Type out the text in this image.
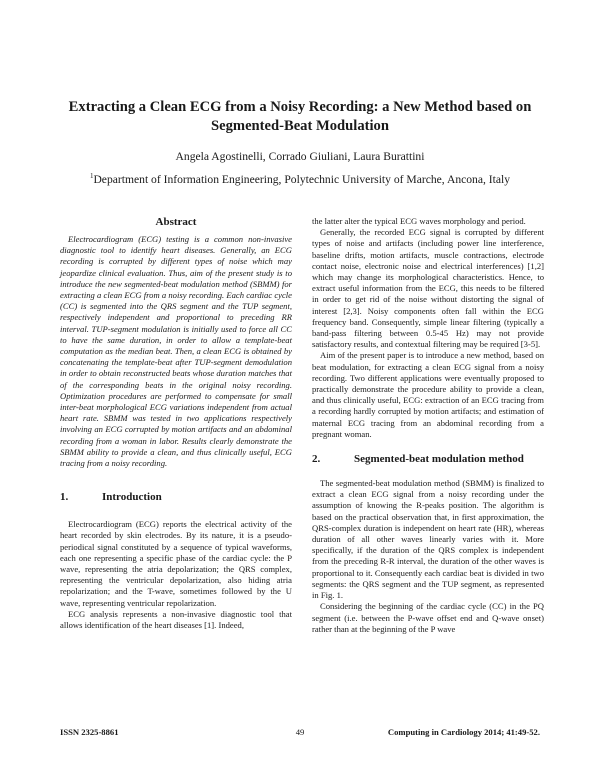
Extracting a Clean ECG from a Noisy Recording: a New Method based on
Segmented-Beat Modulation
Angela Agostinelli, Corrado Giuliani, Laura Burattini
$^1$Department of Information Engineering, Polytechnic University of Marche, Ancona, Italy
Abstract

Electrocardiogram (ECG) testing is a common non-invasive diagnostic tool to identify heart diseases. Generally, an ECG recording is corrupted by different types of noise which may jeopardize clinical evaluation. Thus, aim of the present study is to introduce the new segmented-beat modulation method (SBMM) for extracting a clean ECG from a noisy recording. Each cardiac cycle (CC) is segmented into the QRS segment and the TUP segment, respectively independent and proportional to preceding RR interval. TUP-segment modulation is initially used to force all CC to have the same duration, in order to allow a template-beat computation as the median beat. Then, a clean ECG is obtained by concatenating the template-beat after TUP-segment demodulation in order to obtain reconstructed beats whose duration matches that of the corresponding beats in the original noisy recording. Optimization procedures are performed to compensate for small inter-beat morphological ECG variations independent from actual heart rate. SBMM was tested in two applications respectively involving an ECG corrupted by motion artifacts and an abdominal recording from a woman in labor. Results clearly demonstrate the SBMM ability to provide a clean, and thus clinically useful, ECG tracing from a noisy recording.

1.	Introduction

Electrocardiogram (ECG) reports the electrical activity of the heart recorded by skin electrodes. By its nature, it is a pseudo-periodical signal constituted by a sequence of typical waveforms, each one representing a specific phase of the cardiac cycle: the P wave, representing the atria depolarization; the QRS complex, representing the ventricular depolarization, also hiding atria repolarization; and the T-wave, sometimes followed by the U wave, representing ventricular repolarization.

ECG analysis represents a non-invasive diagnostic tool that allows identification of the heart diseases [1]. Indeed,

the latter alter the typical ECG waves morphology and period.

Generally, the recorded ECG signal is corrupted by different types of noise and artifacts (including power line interference, baseline drifts, motion artifacts, muscle contractions, electrode contact noise, electronic noise and electrical interferences) [1,2] which may change its morphological characteristics. Hence, to extract useful information from the ECG, this needs to be filtered in order to get rid of the noise without distorting the signal of interest [2,3]. Noisy components often fall within the ECG frequency band. Consequently, simple linear filtering (typically a band-pass filtering between 0.5-45 Hz) may not provide satisfactory results, and contextual filtering may be required [3-5].

Aim of the present paper is to introduce a new method, based on beat modulation, for extracting a clean ECG signal from a noisy recording. Two different applications were eventually proposed to practically demonstrate the procedure ability to provide a clean, and thus clinically useful, ECG: extraction of an ECG tracing from a recording hardly corrupted by motion artifacts; and estimation of maternal ECG tracing from an abdominal recording from a pregnant woman.

2.	Segmented-beat modulation method

The segmented-beat modulation method (SBMM) is finalized to extract a clean ECG signal from a noisy recording under the assumption of knowing the R-peaks position. The algorithm is based on the practical observation that, in first approximation, the QRS-complex duration is independent on heart rate (HR), whereas duration of all other waves linearly varies with it. More specifically, if the duration of the QRS complex is independent from the preceding R-R interval, the duration of the other waves is proportional to it. Consequently each cardiac beat is divided in two segments: the QRS segment and the TUP segment, as represented in Fig. 1.

Considering the beginning of the cardiac cycle (CC) in the PQ segment (i.e. between the P-wave offset end and Q-wave onset) rather than at the beginning of the P wave

ISSN 2325-8861	49	Computing in Cardiology 2014; 41:49-52.
